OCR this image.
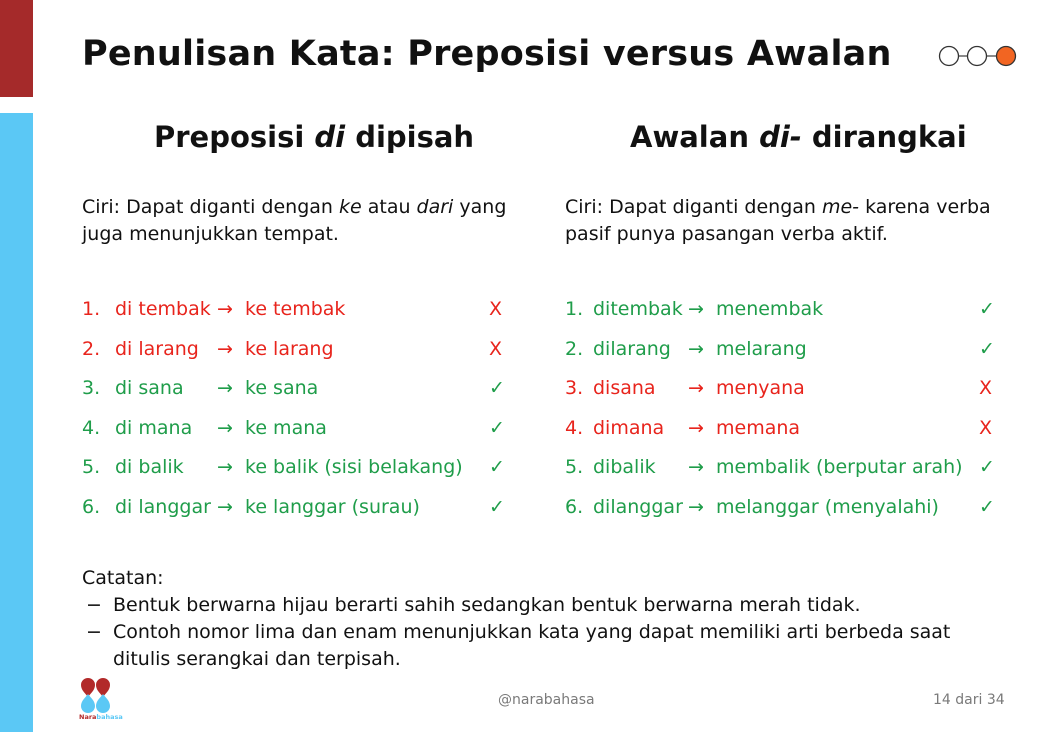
Penulisan Kata: Preposisi versus Awalan
Preposisi di dipisah
Ciri: Dapat diganti dengan ke atau dari yang
juga menunjukkan tempat.
1. di tembak → ke tembak	X
2. di larang → ke larang	X
3. di sana → ke sana	✓
4. di mana → ke mana	✓
5. di balik → ke balik (sisi belakang) ✓
6. di langgar → ke langgar (surau)	✓
Awalan di- dirangkai
Ciri: Dapat diganti dengan me- karena verba
pasif punya pasangan verba aktif.
1. ditembak → menembak	✓
2. dilarang → melarang	✓
3. disana → menyana	X
4. dimana → memana	X
5. dibalik → membalik (berputar arah) ✓
6. dilanggar → melanggar (menyalahi) ✓
Catatan:
− Bentuk berwarna hijau berarti sahih sedangkan bentuk berwarna merah tidak.
− Contoh nomor lima dan enam menunjukkan kata yang dapat memiliki arti berbeda saat
ditulis serangkai dan terpisah.
Narabahasa
@narabahasa	14 dari 34
